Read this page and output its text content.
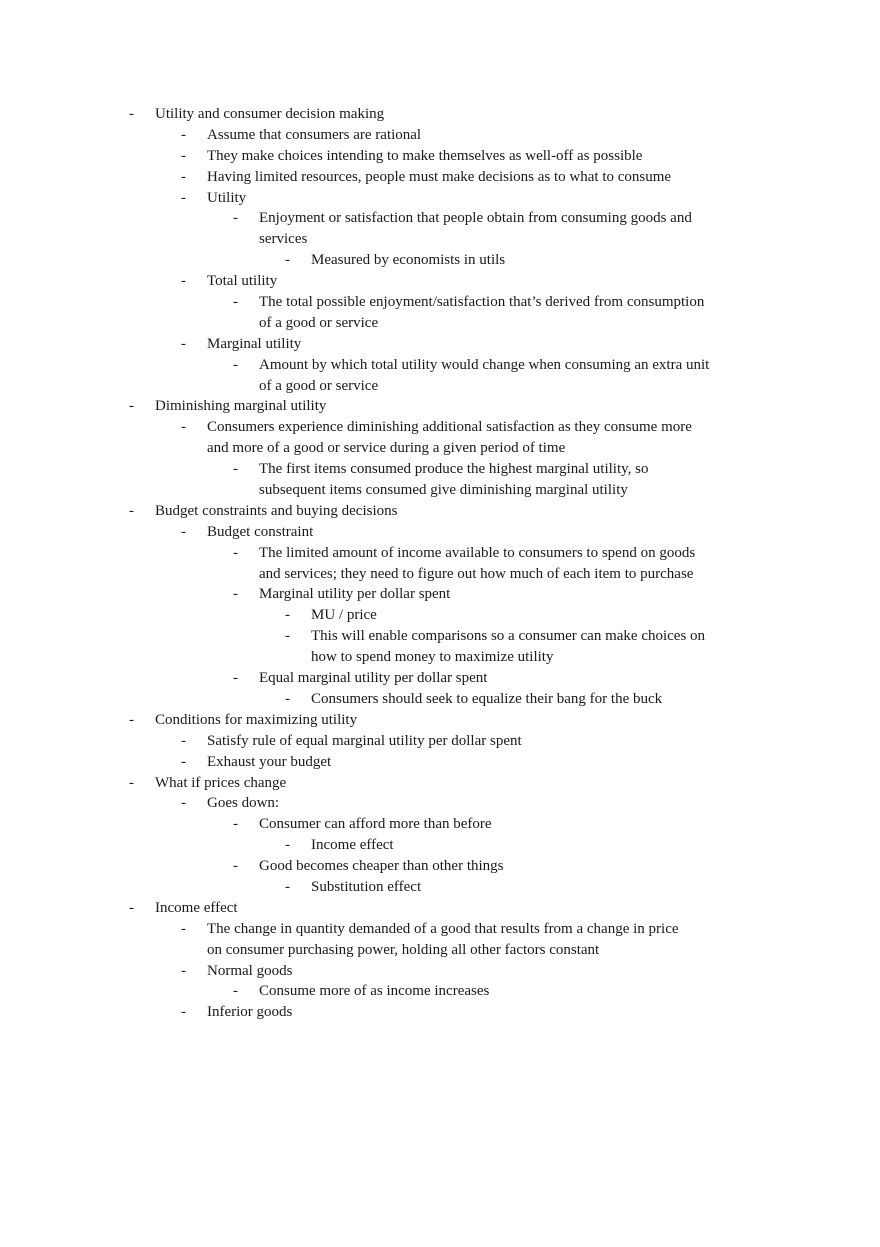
- Utility and consumer decision making
- Assume that consumers are rational
- They make choices intending to make themselves as well-off as possible
- Having limited resources, people must make decisions as to what to consume
- Utility
- Enjoyment or satisfaction that people obtain from consuming goods and
services
- Measured by economists in utils
- Total utility
- The total possible enjoyment/satisfaction that’s derived from consumption
of a good or service
- Marginal utility
- Amount by which total utility would change when consuming an extra unit
of a good or service
- Diminishing marginal utility
- Consumers experience diminishing additional satisfaction as they consume more
and more of a good or service during a given period of time
- The first items consumed produce the highest marginal utility, so
subsequent items consumed give diminishing marginal utility
- Budget constraints and buying decisions
- Budget constraint
- The limited amount of income available to consumers to spend on goods
and services; they need to figure out how much of each item to purchase
- Marginal utility per dollar spent
- MU / price
- This will enable comparisons so a consumer can make choices on
how to spend money to maximize utility
- Equal marginal utility per dollar spent
- Consumers should seek to equalize their bang for the buck
- Conditions for maximizing utility
- Satisfy rule of equal marginal utility per dollar spent
- Exhaust your budget
- What if prices change
- Goes down:
- Consumer can afford more than before
- Income effect
- Good becomes cheaper than other things
- Substitution effect
- Income effect
- The change in quantity demanded of a good that results from a change in price
on consumer purchasing power, holding all other factors constant
- Normal goods
- Consume more of as income increases
- Inferior goods
